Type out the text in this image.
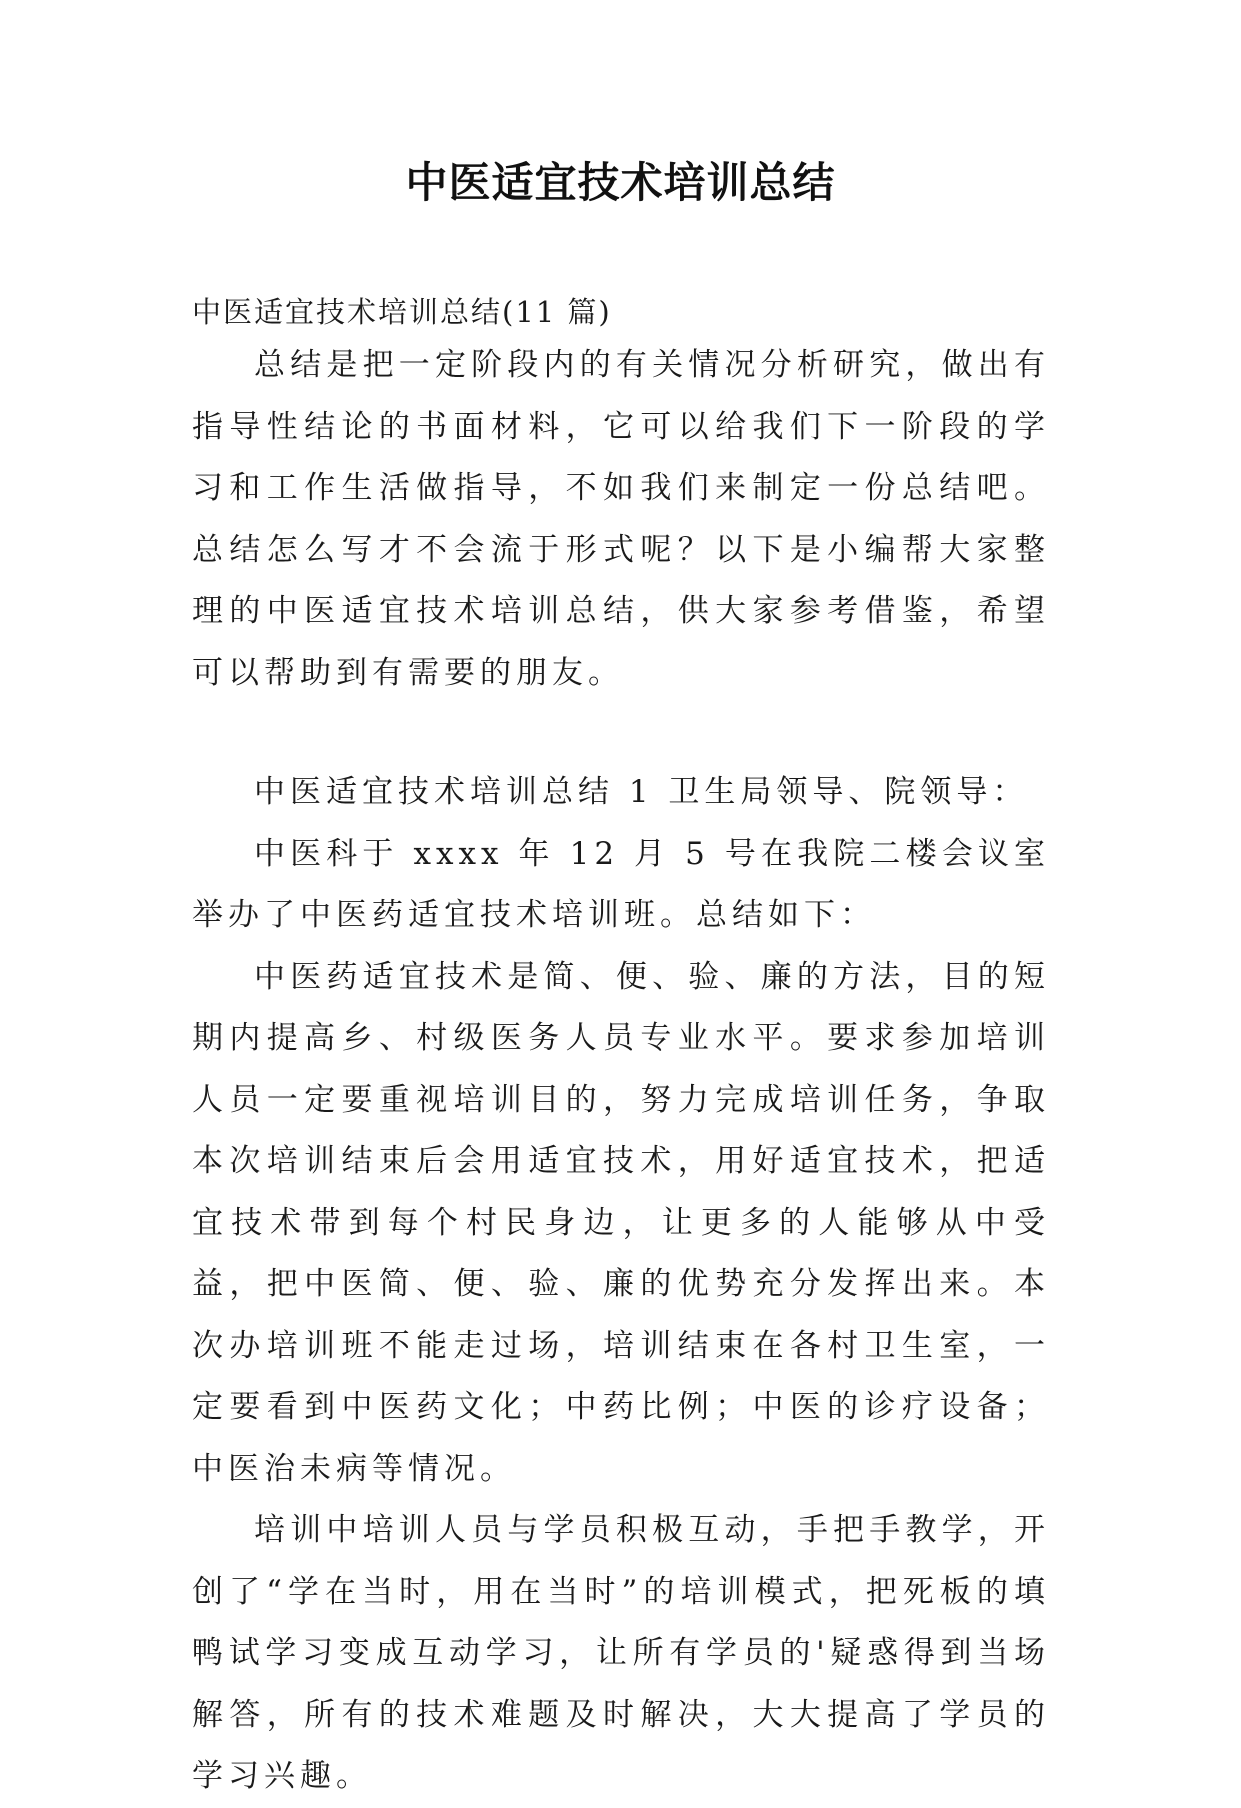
中医适宜技术培训总结

中医适宜技术培训总结(11 篇)

总结是把一定阶段内的有关情况分析研究，做出有指导性结论的书面材料，它可以给我们下一阶段的学习和工作生活做指导，不如我们来制定一份总结吧。总结怎么写才不会流于形式呢？以下是小编帮大家整理的中医适宜技术培训总结，供大家参考借鉴，希望可以帮助到有需要的朋友。

中医适宜技术培训总结 1 卫生局领导、院领导：

中医科于 xxxx 年 12 月 5 号在我院二楼会议室举办了中医药适宜技术培训班。总结如下：

中医药适宜技术是简、便、验、廉的方法，目的短期内提高乡、村级医务人员专业水平。要求参加培训人员一定要重视培训目的，努力完成培训任务，争取本次培训结束后会用适宜技术，用好适宜技术，把适宜技术带到每个村民身边，让更多的人能够从中受益，把中医简、便、验、廉的优势充分发挥出来。本次办培训班不能走过场，培训结束在各村卫生室，一定要看到中医药文化；中药比例；中医的诊疗设备；中医治未病等情况。

培训中培训人员与学员积极互动，手把手教学，开创了“学在当时，用在当时”的培训模式，把死板的填鸭试学习变成互动学习，让所有学员的'疑惑得到当场解答，所有的技术难题及时解决，大大提高了学员的学习兴趣。
